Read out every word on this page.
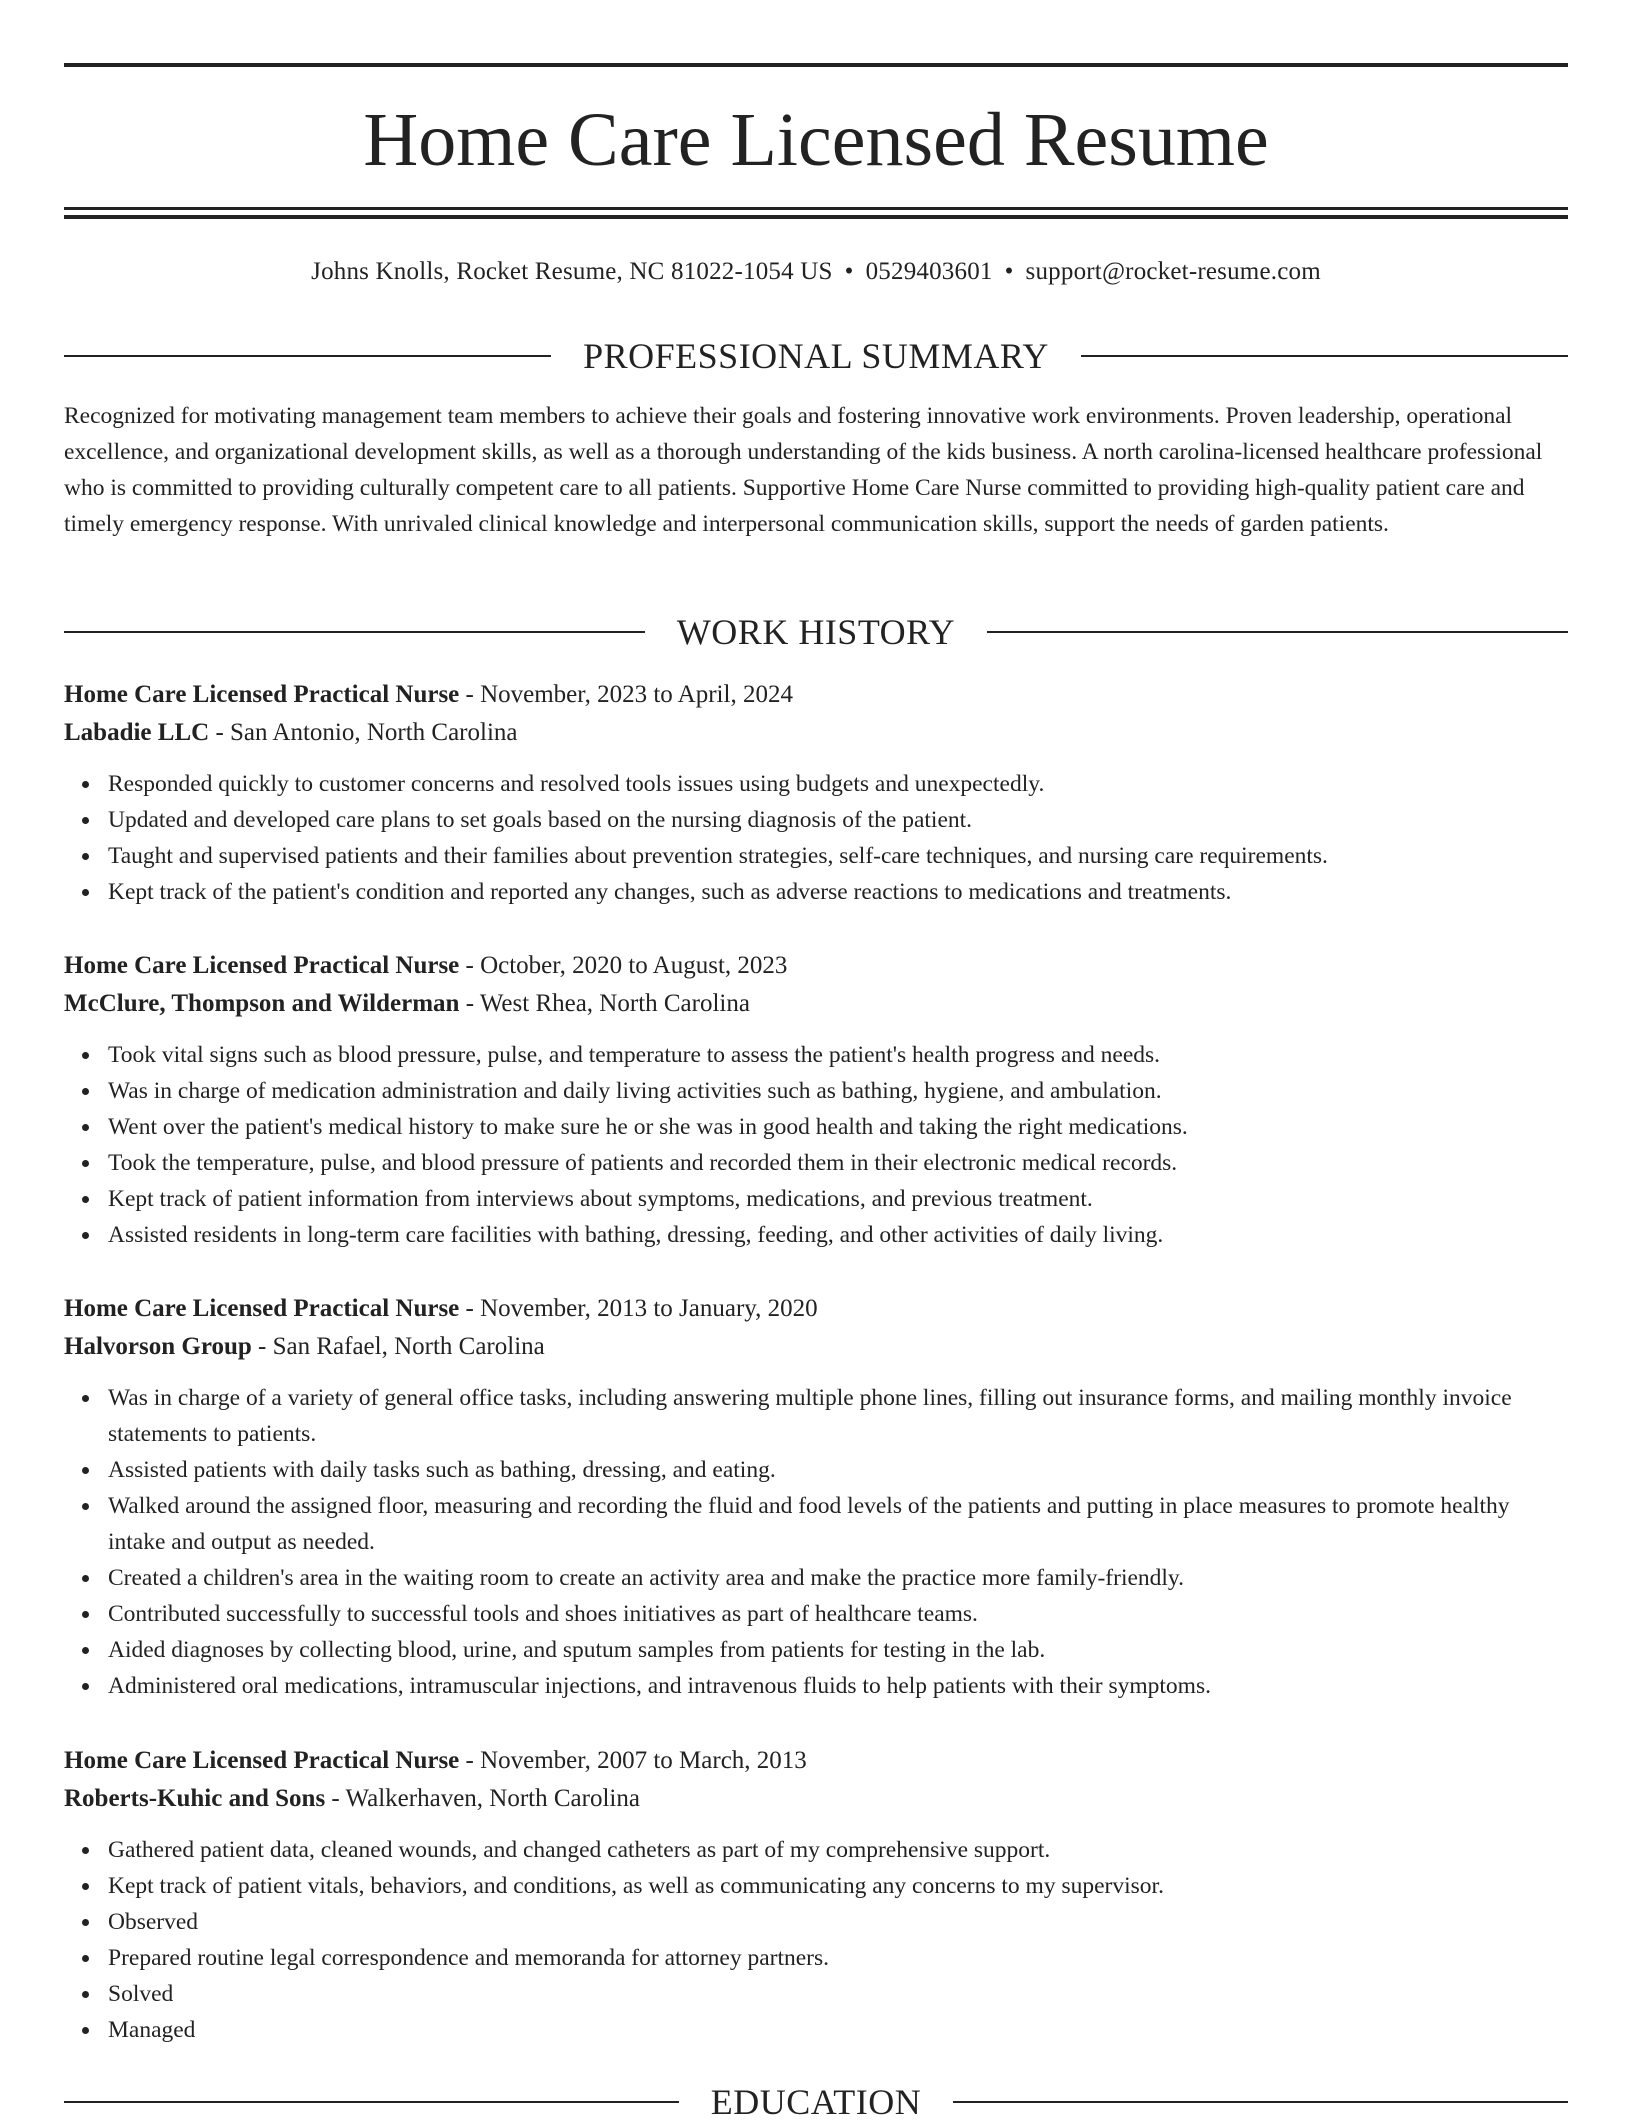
Home Care Licensed Resume
Johns Knolls, Rocket Resume, NC 81022-1054 US • 0529403601 • support@rocket-resume.com
PROFESSIONAL SUMMARY

Recognized for motivating management team members to achieve their goals and fostering innovative work environments. Proven leadership, operational excellence, and organizational development skills, as well as a thorough understanding of the kids business. A north carolina-licensed healthcare professional who is committed to providing culturally competent care to all patients. Supportive Home Care Nurse committed to providing high-quality patient care and timely emergency response. With unrivaled clinical knowledge and interpersonal communication skills, support the needs of garden patients.

WORK HISTORY
Home Care Licensed Practical Nurse - November, 2023 to April, 2024
Labadie LLC - San Antonio, North Carolina
Responded quickly to customer concerns and resolved tools issues using budgets and unexpectedly.
Updated and developed care plans to set goals based on the nursing diagnosis of the patient.
Taught and supervised patients and their families about prevention strategies, self-care techniques, and nursing care requirements.
Kept track of the patient's condition and reported any changes, such as adverse reactions to medications and treatments.
Home Care Licensed Practical Nurse - October, 2020 to August, 2023
McClure, Thompson and Wilderman - West Rhea, North Carolina
Took vital signs such as blood pressure, pulse, and temperature to assess the patient's health progress and needs.
Was in charge of medication administration and daily living activities such as bathing, hygiene, and ambulation.
Went over the patient's medical history to make sure he or she was in good health and taking the right medications.
Took the temperature, pulse, and blood pressure of patients and recorded them in their electronic medical records.
Kept track of patient information from interviews about symptoms, medications, and previous treatment.
Assisted residents in long-term care facilities with bathing, dressing, feeding, and other activities of daily living.
Home Care Licensed Practical Nurse - November, 2013 to January, 2020
Halvorson Group - San Rafael, North Carolina
Was in charge of a variety of general office tasks, including answering multiple phone lines, filling out insurance forms, and mailing monthly invoice statements to patients.
Assisted patients with daily tasks such as bathing, dressing, and eating.
Walked around the assigned floor, measuring and recording the fluid and food levels of the patients and putting in place measures to promote healthy intake and output as needed.
Created a children's area in the waiting room to create an activity area and make the practice more family-friendly.
Contributed successfully to successful tools and shoes initiatives as part of healthcare teams.
Aided diagnoses by collecting blood, urine, and sputum samples from patients for testing in the lab.
Administered oral medications, intramuscular injections, and intravenous fluids to help patients with their symptoms.
Home Care Licensed Practical Nurse - November, 2007 to March, 2013
Roberts-Kuhic and Sons - Walkerhaven, North Carolina
Gathered patient data, cleaned wounds, and changed catheters as part of my comprehensive support.
Kept track of patient vitals, behaviors, and conditions, as well as communicating any concerns to my supervisor.
Observed
Prepared routine legal correspondence and memoranda for attorney partners.
Solved
Managed
EDUCATION
